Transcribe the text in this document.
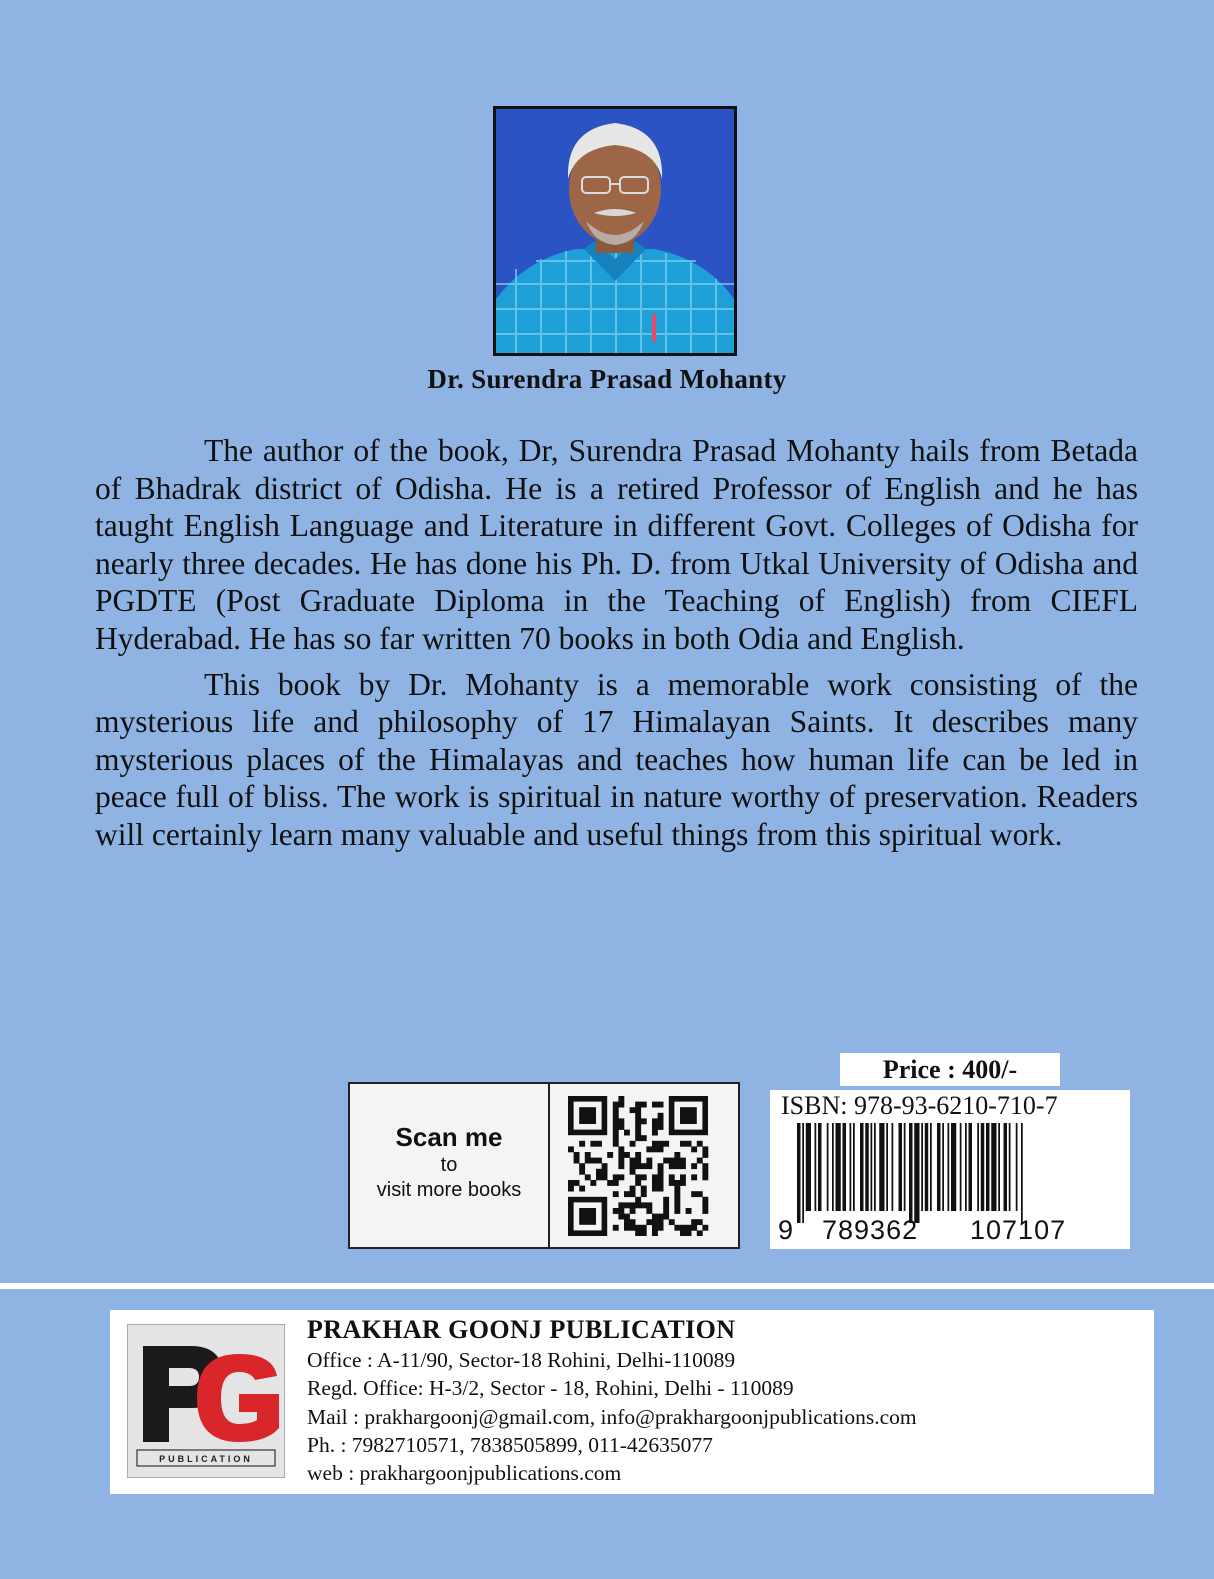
Dr. Surendra Prasad Mohanty

The author of the book, Dr, Surendra Prasad Mohanty hails from Betada of Bhadrak district of Odisha. He is a retired Professor of English and he has taught English Language and Literature in different Govt. Colleges of Odisha for nearly three decades. He has done his Ph. D. from Utkal University of Odisha and PGDTE (Post Graduate Diploma in the Teaching of English) from CIEFL Hyderabad. He has so far written 70 books in both Odia and English.

This book by Dr. Mohanty is a memorable work consisting of the mysterious life and philosophy of 17 Himalayan Saints. It describes many mysterious places of the Himalayas and teaches how human life can be led in peace full of bliss. The work is spiritual in nature worthy of preservation. Readers will certainly learn many valuable and useful things from this spiritual work.

Scan me
to
visit more books
Price : 400/-
ISBN: 978-93-6210-710-7
9 789362 107107
PUBLICATION
PRAKHAR GOONJ PUBLICATION
Office : A-11/90, Sector-18 Rohini, Delhi-110089
Regd. Office: H-3/2, Sector - 18, Rohini, Delhi - 110089
Mail : prakhargoonj@gmail.com, info@prakhargoonjpublications.com
Ph. : 7982710571, 7838505899, 011-42635077
web : prakhargoonjpublications.com
